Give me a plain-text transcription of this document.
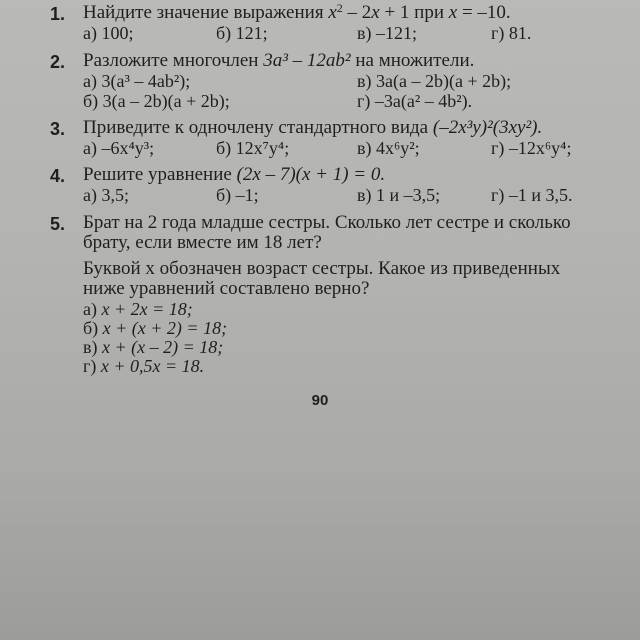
1. Найдите значение выражения $x^2 - 2x + 1$ при x = –10.
а) 100;	б) 121;	в) –121;	г) 81.
2. Разложите многочлен 3a³ – 12ab² на множители.
а) 3(a³ – 4ab²);	в) 3a(a – 2b)(a + 2b);
б) 3(a – 2b)(a + 2b);	г) –3a(a² – 4b²).
3. Приведите к одночлену стандартного вида (–2x³y)²(3xy²).
а) –6x⁴y³;	б) 12x⁷y⁴;	в) 4x⁶y²;	г) –12x⁶y⁴;
4. Решите уравнение (2x – 7)(x + 1) = 0.
а) 3,5;	б) –1;	в) 1 и –3,5;	г) –1 и 3,5.
5. Брат на 2 года младше сестры. Сколько лет сестре и сколько
брату, если вместе им 18 лет?
Буквой x обозначен возраст сестры. Какое из приведенных
ниже уравнений составлено верно?
а) x + 2x = 18;
б) x + (x + 2) = 18;
в) x + (x – 2) = 18;
г) x + 0,5x = 18.
90
